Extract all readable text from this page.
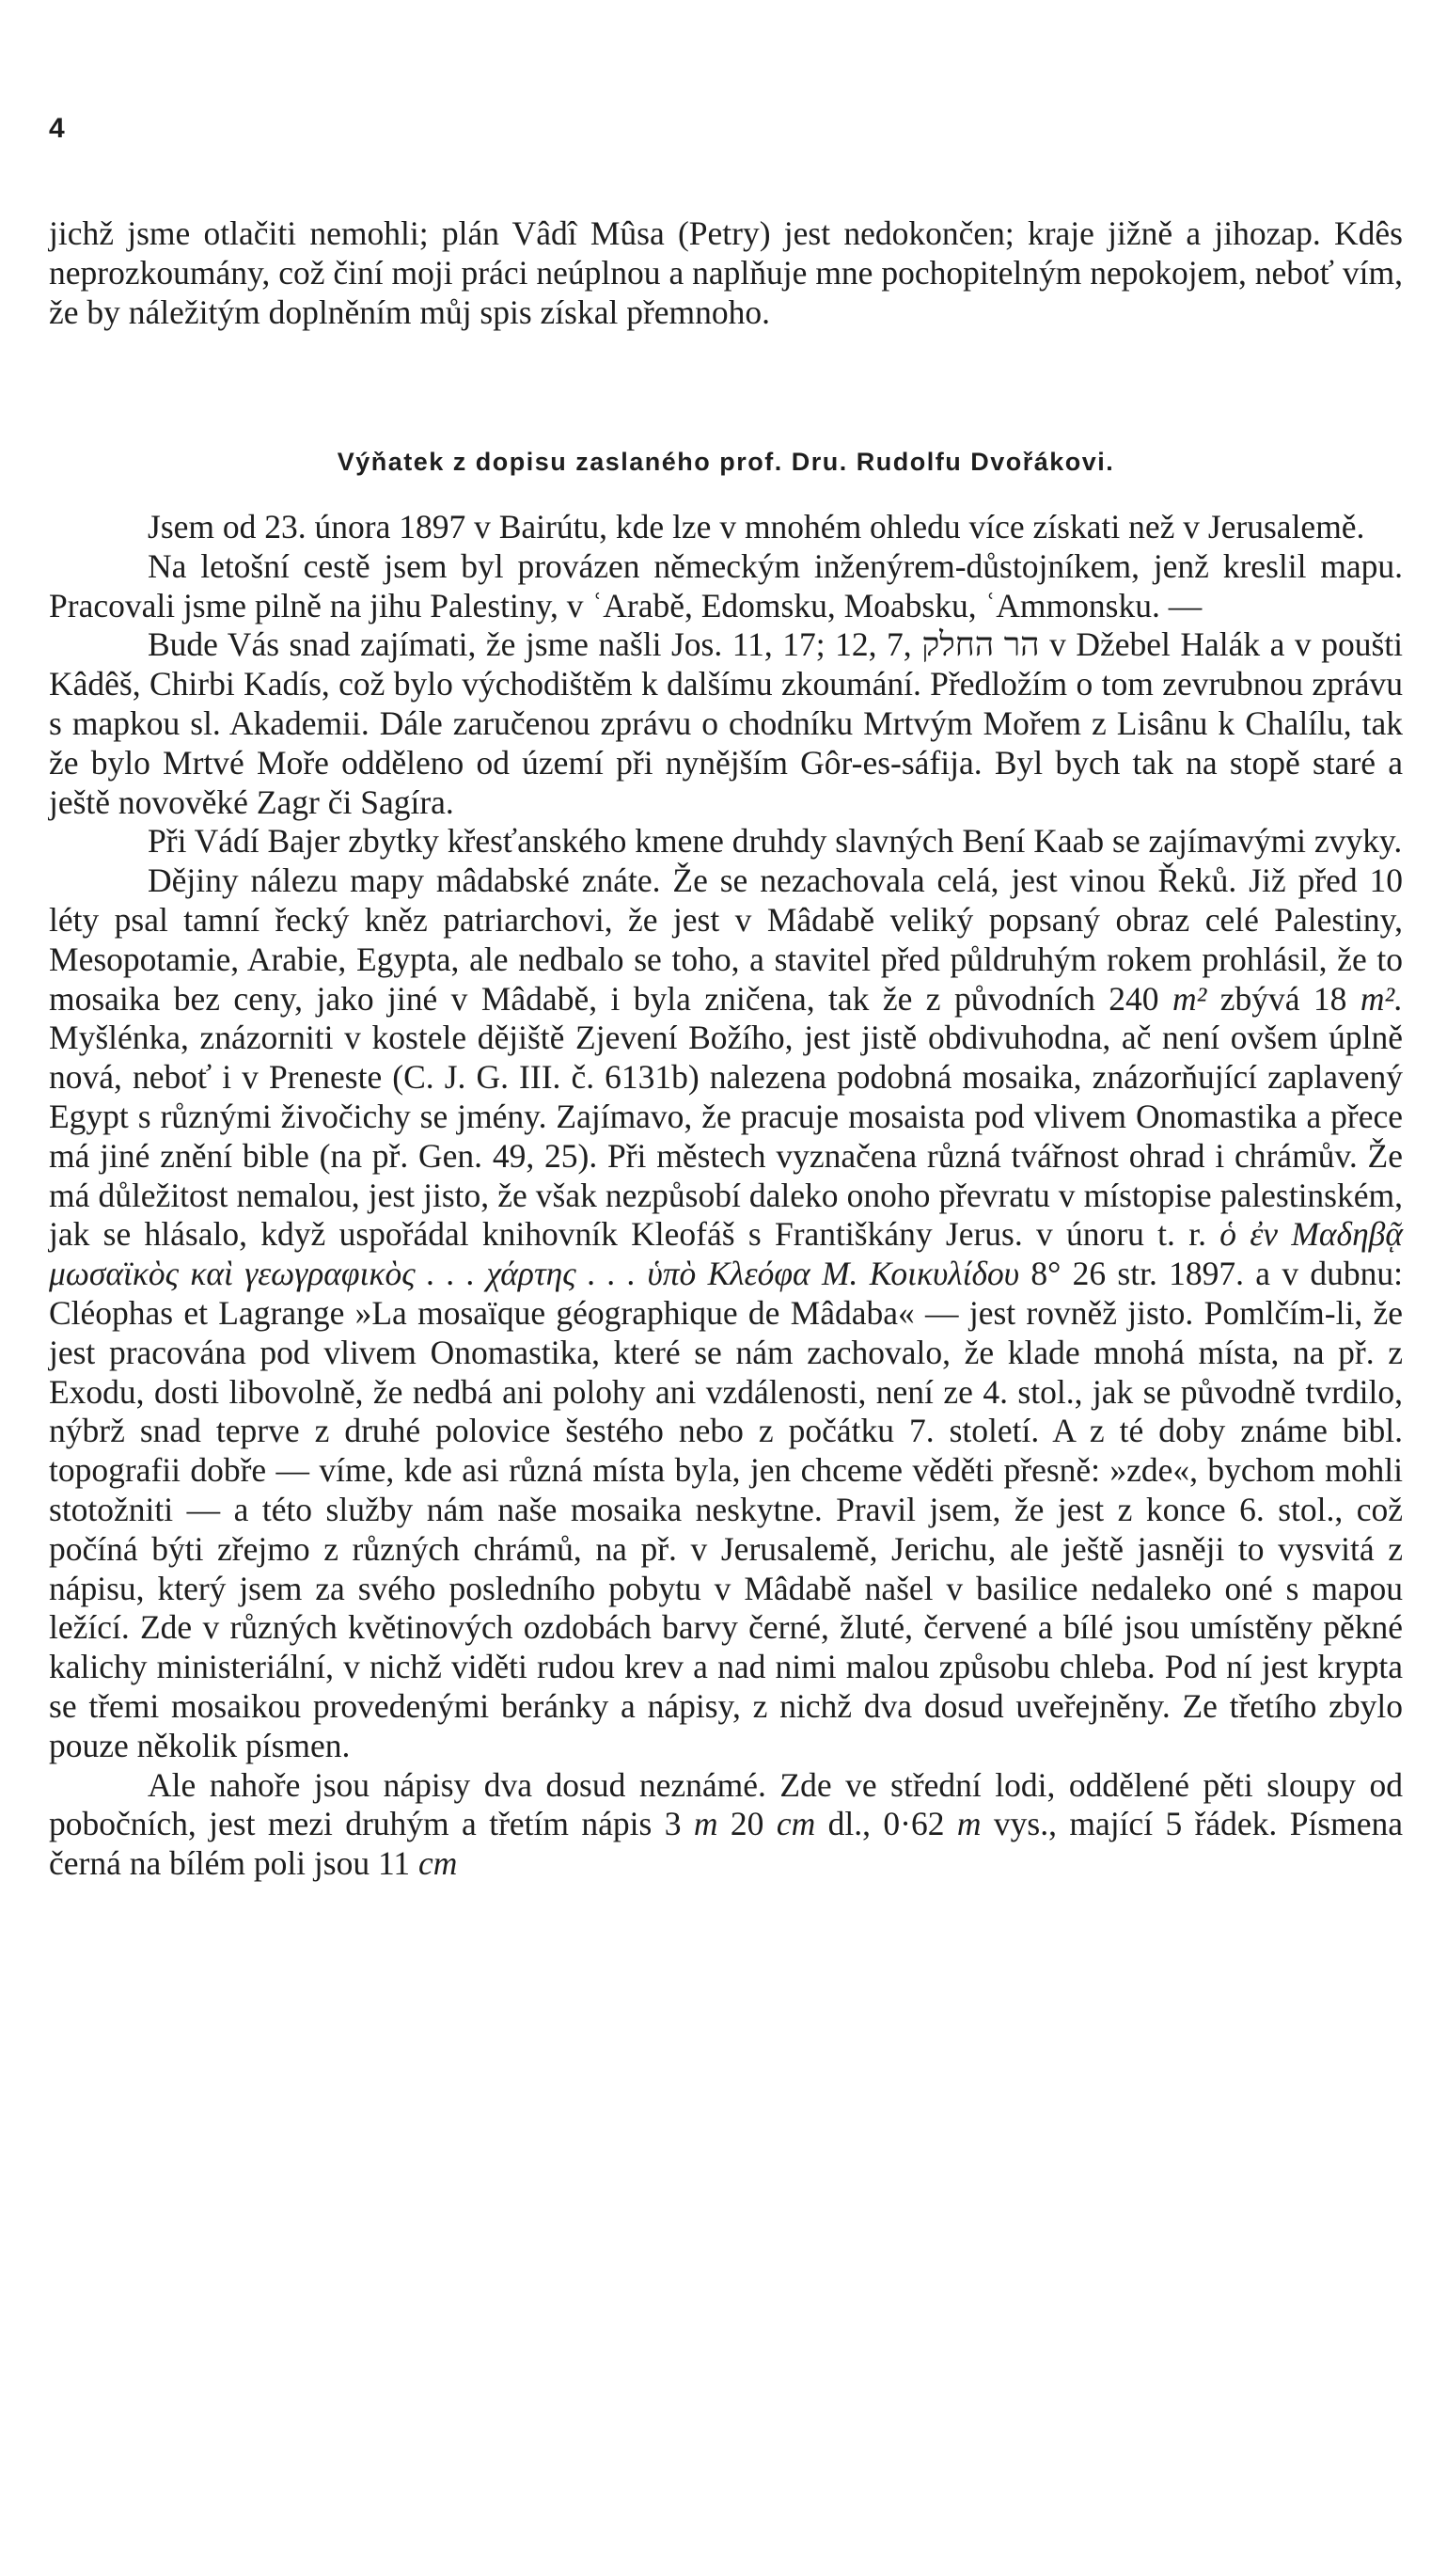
4

jichž jsme otlačiti nemohli; plán Vâdî Mûsa (Petry) jest nedokončen; kraje jižně a jihozap. Kdês neprozkoumány, což činí moji práci neúplnou a naplňuje mne pochopitelným nepokojem, neboť vím, že by náležitým doplněním můj spis získal přemnoho.

Výňatek z dopisu zaslaného prof. Dru. Rudolfu Dvořákovi.

Jsem od 23. února 1897 v Bairútu, kde lze v mnohém ohledu více získati než v Jerusalemě.

Na letošní cestě jsem byl provázen německým inženýrem-důstojníkem, jenž kreslil mapu. Pracovali jsme pilně na jihu Palestiny, v ʿArabě, Edomsku, Moabsku, ʿAmmonsku. —

Bude Vás snad zajímati, že jsme našli Jos. 11, 17; 12, 7, הר החלק v Džebel Halák a v poušti Kâdêš, Chirbi Kadís, což bylo východištěm k dalšímu zkoumání. Předložím o tom zevrubnou zprávu s mapkou sl. Akademii. Dále zaručenou zprávu o chodníku Mrtvým Mořem z Lisânu k Chalílu, tak že bylo Mrtvé Moře odděleno od území při nynějším Gôr-es-sáfija. Byl bych tak na stopě staré a ještě novověké Zagr či Sagíra.

Při Vádí Bajer zbytky křesťanského kmene druhdy slavných Bení Kaab se zajímavými zvyky.

Dějiny nálezu mapy mâdabské znáte. Že se nezachovala celá, jest vinou Řeků. Již před 10 léty psal tamní řecký kněz patriarchovi, že jest v Mâdabě veliký popsaný obraz celé Palestiny, Mesopotamie, Arabie, Egypta, ale nedbalo se toho, a stavitel před půldruhým rokem prohlásil, že to mosaika bez ceny, jako jiné v Mâdabě, i byla zničena, tak že z původních 240 m² zbývá 18 m². Myšlénka, znázorniti v kostele dějiště Zjevení Božího, jest jistě obdivuhodna, ač není ovšem úplně nová, neboť i v Preneste (C. J. G. III. č. 6131b) nalezena podobná mosaika, znázorňující zaplavený Egypt s různými živočichy se jmény. Zajímavo, že pracuje mosaista pod vlivem Onomastika a přece má jiné znění bible (na př. Gen. 49, 25). Při městech vyznačena různá tvářnost ohrad i chrámův. Že má důležitost nemalou, jest jisto, že však nezpůsobí daleko onoho převratu v místopise palestinském, jak se hlásalo, když uspořádal knihovník Kleofáš s Františkány Jerus. v únoru t. r. ὁ ἐν Μαδηβᾷ μωσαϊκὸς καὶ γεωγραφικὸς . . . χάρτης . . . ὑπὸ Κλεόφα Μ. Κοικυλίδου 8° 26 str. 1897. a v dubnu: Cléophas et Lagrange »La mosaïque géographique de Mâdaba« — jest rovněž jisto. Pomlčím-li, že jest pracována pod vlivem Onomastika, které se nám zachovalo, že klade mnohá místa, na př. z Exodu, dosti libovolně, že nedbá ani polohy ani vzdálenosti, není ze 4. stol., jak se původně tvrdilo, nýbrž snad teprve z druhé polovice šestého nebo z počátku 7. století. A z té doby známe bibl. topografii dobře — víme, kde asi různá místa byla, jen chceme věděti přesně: »zde«, bychom mohli stotožniti — a této služby nám naše mosaika neskytne. Pravil jsem, že jest z konce 6. stol., což počíná býti zřejmo z různých chrámů, na př. v Jerusalemě, Jerichu, ale ještě jasněji to vysvitá z nápisu, který jsem za svého posledního pobytu v Mâdabě našel v basilice nedaleko oné s mapou ležící. Zde v různých květinových ozdobách barvy černé, žluté, červené a bílé jsou umístěny pěkné kalichy ministeriální, v nichž viděti rudou krev a nad nimi malou způsobu chleba. Pod ní jest krypta se třemi mosaikou provedenými beránky a nápisy, z nichž dva dosud uveřejněny. Ze třetího zbylo pouze několik písmen.

Ale nahoře jsou nápisy dva dosud neznámé. Zde ve střední lodi, oddělené pěti sloupy od pobočních, jest mezi druhým a třetím nápis 3 m 20 cm dl., 0·62 m vys., mající 5 řádek. Písmena černá na bílém poli jsou 11 cm
